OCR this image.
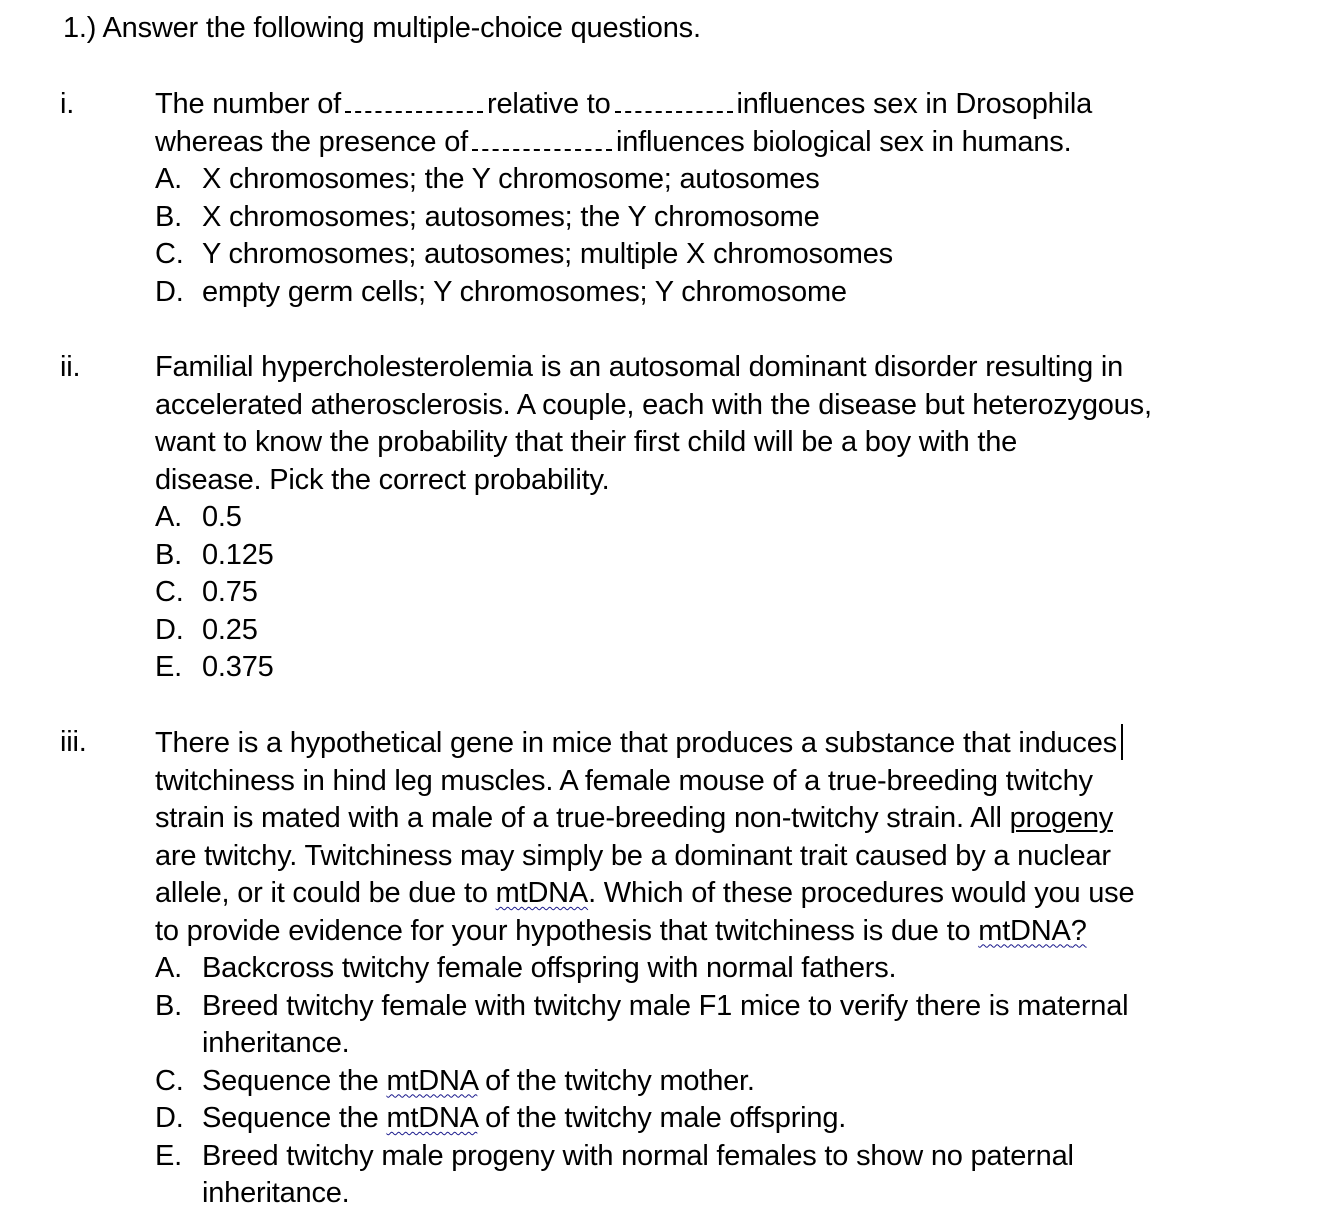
1.) Answer the following multiple-choice questions.
i.	The number of	relative to	influences sex in Drosophila
whereas the presence of	influences biological sex in humans.
A. X chromosomes; the Y chromosome; autosomes
B. X chromosomes; autosomes; the Y chromosome
C. Y chromosomes; autosomes; multiple X chromosomes
D. empty germ cells; Y chromosomes; Y chromosome
ii.	Familial hypercholesterolemia is an autosomal dominant disorder resulting in
accelerated atherosclerosis. A couple, each with the disease but heterozygous,
want to know the probability that their first child will be a boy with the
disease. Pick the correct probability.
A. 0.5
B. 0.125
C. 0.75
D. 0.25
E. 0.375
iii. There is a hypothetical gene in mice that produces a substance that induces
twitchiness in hind leg muscles. A female mouse of a true-breeding twitchy
strain is mated with a male of a true-breeding non-twitchy strain. All progeny
are twitchy. Twitchiness may simply be a dominant trait caused by a nuclear
allele, or it could be due to mtDNA. Which of these procedures would you use
to provide evidence for your hypothesis that twitchiness is due to mtDNA?
A. Backcross twitchy female offspring with normal fathers.
B. Breed twitchy female with twitchy male F1 mice to verify there is maternal
inheritance.
C. Sequence the mtDNA of the twitchy mother.
D. Sequence the mtDNA of the twitchy male offspring.
E. Breed twitchy male progeny with normal females to show no paternal
inheritance.
